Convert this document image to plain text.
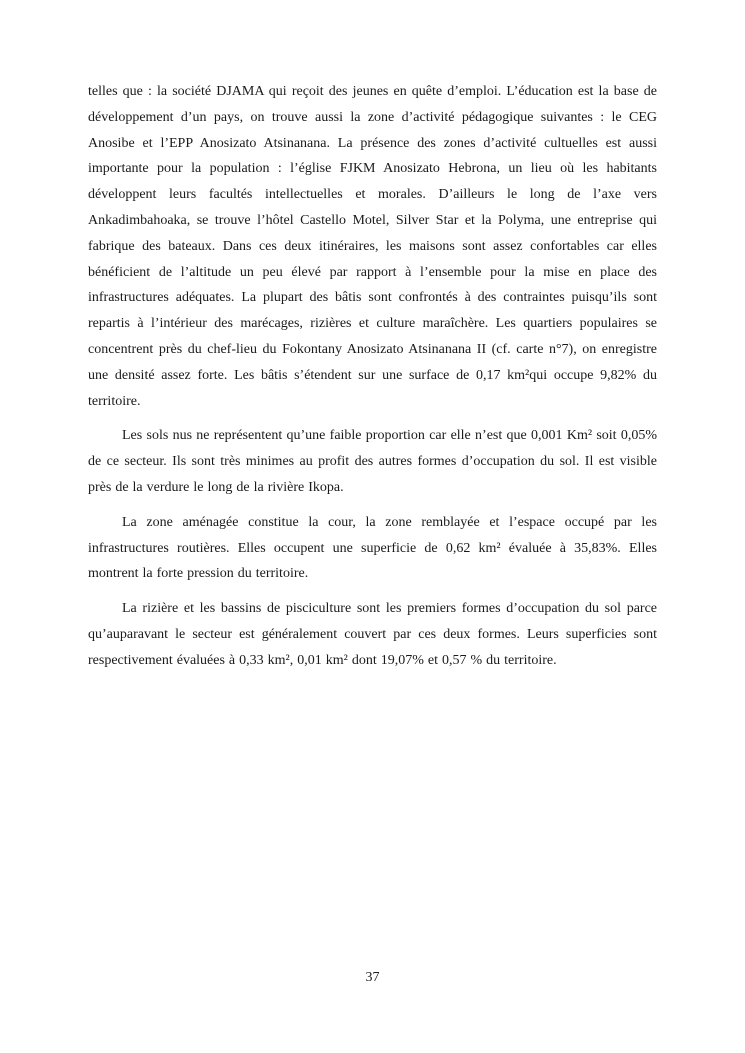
telles que : la société DJAMA qui reçoit des jeunes en quête d’emploi. L’éducation est la base de développement d’un pays, on trouve aussi la zone d’activité pédagogique suivantes : le CEG Anosibe et l’EPP Anosizato Atsinanana. La présence des zones d’activité cultuelles est aussi importante pour la population : l’église FJKM Anosizato Hebrona, un lieu où les habitants développent leurs facultés intellectuelles et morales. D’ailleurs le long de l’axe vers Ankadimbahoaka, se trouve l’hôtel Castello Motel, Silver Star et la Polyma, une entreprise qui fabrique des bateaux. Dans ces deux itinéraires, les maisons sont assez confortables car elles bénéficient de l’altitude un peu élevé par rapport à l’ensemble pour la mise en place des infrastructures adéquates. La plupart des bâtis sont confrontés à des contraintes puisqu’ils sont repartis à l’intérieur des marécages, rizières et culture maraîchère. Les quartiers populaires se concentrent près du chef-lieu du Fokontany Anosizato Atsinanana II (cf. carte n°7), on enregistre une densité assez forte. Les bâtis s’étendent sur une surface de 0,17 km²qui occupe 9,82% du territoire.

Les sols nus ne représentent qu’une faible proportion car elle n’est que 0,001 Km² soit 0,05% de ce secteur. Ils sont très minimes au profit des autres formes d’occupation du sol. Il est visible près de la verdure le long de la rivière Ikopa.

La zone aménagée constitue la cour, la zone remblayée et l’espace occupé par les infrastructures routières. Elles occupent une superficie de 0,62 km² évaluée à 35,83%. Elles montrent la forte pression du territoire.

La rizière et les bassins de pisciculture sont les premiers formes d’occupation du sol parce qu’auparavant le secteur est généralement couvert par ces deux formes. Leurs superficies sont respectivement évaluées à 0,33 km², 0,01 km² dont 19,07% et 0,57 % du territoire.

37
